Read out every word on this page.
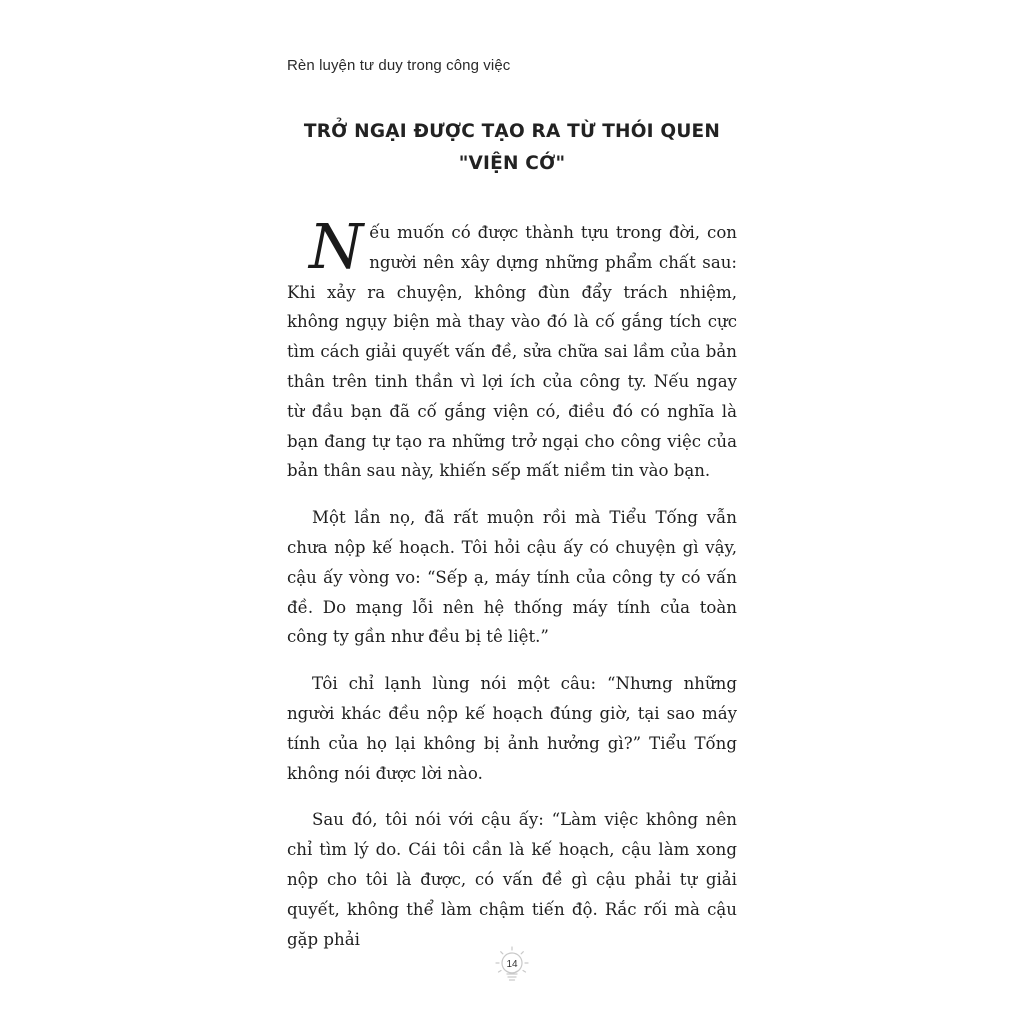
Rèn luyện tư duy trong công việc
TRỞ NGẠI ĐƯỢC TẠO RA TỪ THÓI QUEN
"VIỆN CỚ"

Nếu muốn có được thành tựu trong đời, con người nên xây dựng những phẩm chất sau: Khi xảy ra chuyện, không đùn đẩy trách nhiệm, không ngụy biện mà thay vào đó là cố gắng tích cực tìm cách giải quyết vấn đề, sửa chữa sai lầm của bản thân trên tinh thần vì lợi ích của công ty. Nếu ngay từ đầu bạn đã cố gắng viện có, điều đó có nghĩa là bạn đang tự tạo ra những trở ngại cho công việc của bản thân sau này, khiến sếp mất niềm tin vào bạn.

Một lần nọ, đã rất muộn rồi mà Tiểu Tống vẫn chưa nộp kế hoạch. Tôi hỏi cậu ấy có chuyện gì vậy, cậu ấy vòng vo: “Sếp ạ, máy tính của công ty có vấn đề. Do mạng lỗi nên hệ thống máy tính của toàn công ty gần như đều bị tê liệt.”

Tôi chỉ lạnh lùng nói một câu: “Nhưng những người khác đều nộp kế hoạch đúng giờ, tại sao máy tính của họ lại không bị ảnh hưởng gì?” Tiểu Tống không nói được lời nào.

Sau đó, tôi nói với cậu ấy: “Làm việc không nên chỉ tìm lý do. Cái tôi cần là kế hoạch, cậu làm xong nộp cho tôi là được, có vấn đề gì cậu phải tự giải quyết, không thể làm chậm tiến độ. Rắc rối mà cậu gặp phải

14
